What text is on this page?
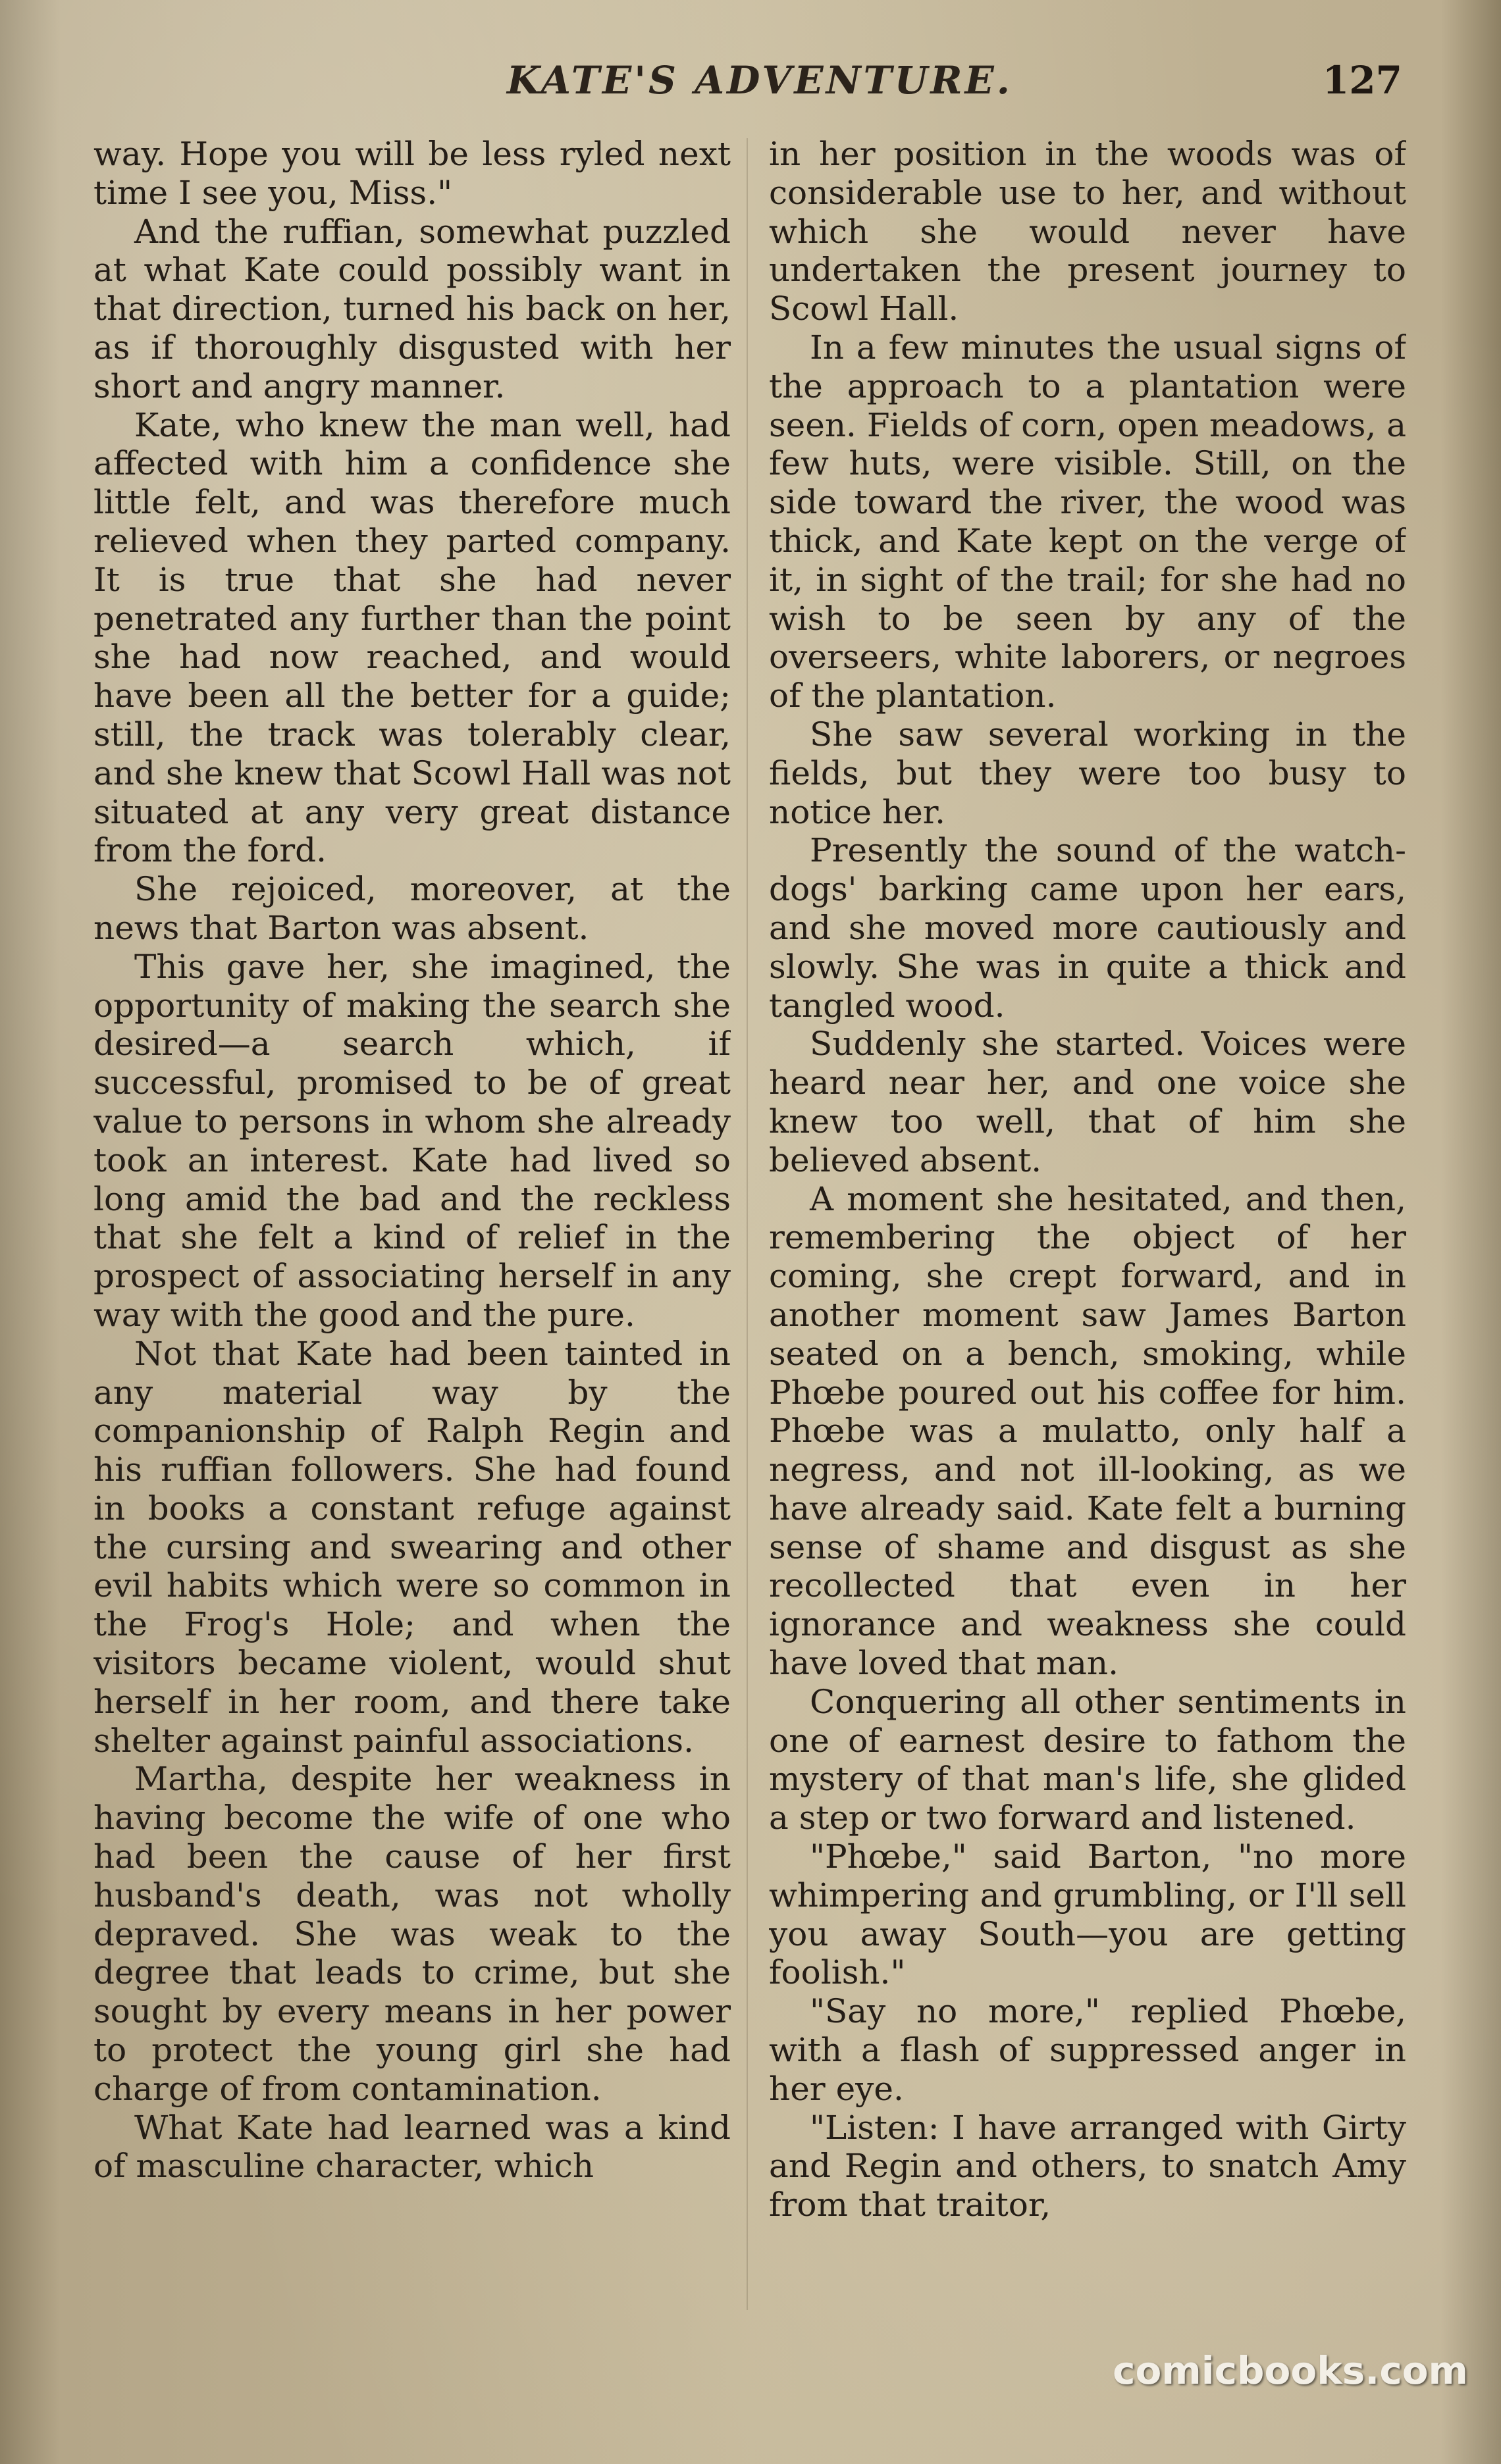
KATE'S ADVENTURE.	127

way. Hope you will be less ryled next time I see you, Miss."

And the ruffian, somewhat puzzled at what Kate could possibly want in that direction, turned his back on her, as if thoroughly disgusted with her short and angry manner.

Kate, who knew the man well, had affected with him a confidence she little felt, and was therefore much relieved when they parted company. It is true that she had never penetrated any further than the point she had now reached, and would have been all the better for a guide; still, the track was tolerably clear, and she knew that Scowl Hall was not situated at any very great distance from the ford.

She rejoiced, moreover, at the news that Barton was absent.

This gave her, she imagined, the opportunity of making the search she desired—a search which, if successful, promised to be of great value to persons in whom she already took an interest. Kate had lived so long amid the bad and the reckless that she felt a kind of relief in the prospect of associating herself in any way with the good and the pure.

Not that Kate had been tainted in any material way by the companionship of Ralph Regin and his ruffian followers. She had found in books a constant refuge against the cursing and swearing and other evil habits which were so common in the Frog's Hole; and when the visitors became violent, would shut herself in her room, and there take shelter against painful associations.

Martha, despite her weakness in having become the wife of one who had been the cause of her first husband's death, was not wholly depraved. She was weak to the degree that leads to crime, but she sought by every means in her power to protect the young girl she had charge of from contamination.

What Kate had learned was a kind of masculine character, which

in her position in the woods was of considerable use to her, and without which she would never have undertaken the present journey to Scowl Hall.

In a few minutes the usual signs of the approach to a plantation were seen. Fields of corn, open meadows, a few huts, were visible. Still, on the side toward the river, the wood was thick, and Kate kept on the verge of it, in sight of the trail; for she had no wish to be seen by any of the overseers, white laborers, or negroes of the plantation.

She saw several working in the fields, but they were too busy to notice her.

Presently the sound of the watch-dogs' barking came upon her ears, and she moved more cautiously and slowly. She was in quite a thick and tangled wood.

Suddenly she started. Voices were heard near her, and one voice she knew too well, that of him she believed absent.

A moment she hesitated, and then, remembering the object of her coming, she crept forward, and in another moment saw James Barton seated on a bench, smoking, while Phœbe poured out his coffee for him. Phœbe was a mulatto, only half a negress, and not ill-looking, as we have already said. Kate felt a burning sense of shame and disgust as she recollected that even in her ignorance and weakness she could have loved that man.

Conquering all other sentiments in one of earnest desire to fathom the mystery of that man's life, she glided a step or two forward and listened.

"Phœbe," said Barton, "no more whimpering and grumbling, or I'll sell you away South—you are getting foolish."

"Say no more," replied Phœbe, with a flash of suppressed anger in her eye.

"Listen: I have arranged with Girty and Regin and others, to snatch Amy from that traitor,

comicbooks.com
